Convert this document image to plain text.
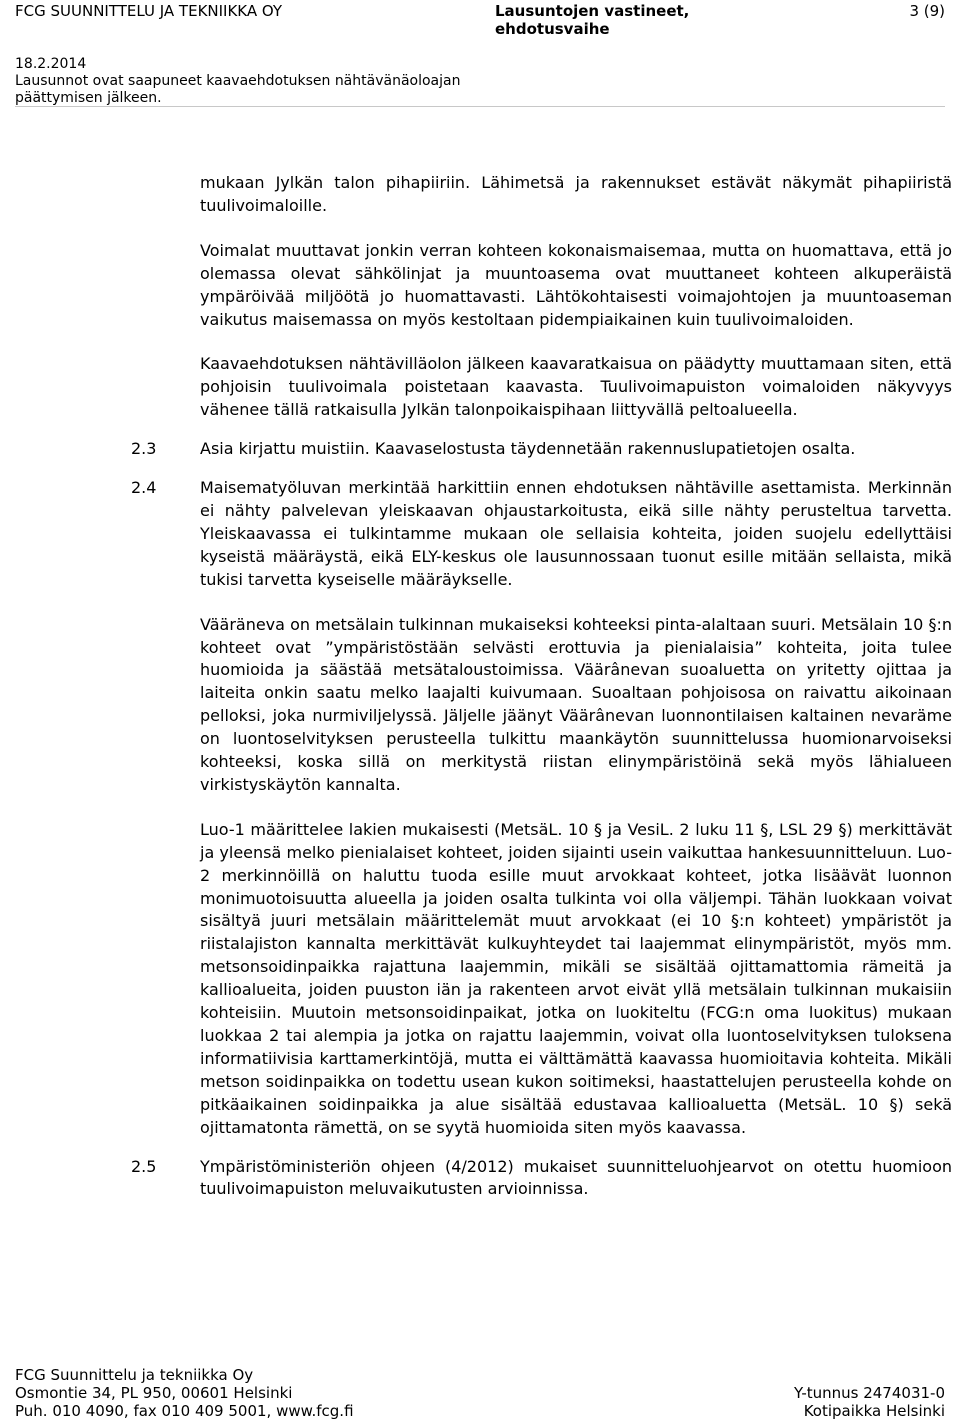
FCG SUUNNITTELU JA TEKNIIKKA OY	Lausuntojen vastineet, ehdotusvaihe
3 (9)
18.2.2014
Lausunnot ovat saapuneet kaavaehdotuksen nähtävänäoloajan päättymisen jälkeen.
mukaan Jylkän talon pihapiiriin. Lähimetsä ja rakennukset estävät näkymät pihapiiristä tuulivoimaloille.
Voimalat muuttavat jonkin verran kohteen kokonaismaisemaa, mutta on huomattava, että jo olemassa olevat sähkölinjat ja muuntoasema ovat muuttaneet kohteen alkuperäistä ympäröivää miljöötä jo huomattavasti. Lähtökohtaisesti voimajohtojen ja muuntoaseman vaikutus maisemassa on myös kestoltaan pidempiaikainen kuin tuulivoimaloiden.
Kaavaehdotuksen nähtävilläolon jälkeen kaavaratkaisua on päädytty muuttamaan siten, että pohjoisin tuulivoimala poistetaan kaavasta. Tuulivoimapuiston voimaloiden näkyvyys vähenee tällä ratkaisulla Jylkän talonpoikaispihaan liittyvällä peltoalueella.
2.3	Asia kirjattu muistiin. Kaavaselostusta täydennetään rakennuslupatietojen osalta.
2.4	Maisematyöluvan merkintää harkittiin ennen ehdotuksen nähtäville asettamista. Merkinnän ei nähty palvelevan yleiskaavan ohjaustarkoitusta, eikä sille nähty perusteltua tarvetta. Yleiskaavassa ei tulkintamme mukaan ole sellaisia kohteita, joiden suojelu edellyttäisi kyseistä määräystä, eikä ELY-keskus ole lausunnossaan tuonut esille mitään sellaista, mikä tukisi tarvetta kyseiselle määräykselle.
Vääräneva on metsälain tulkinnan mukaiseksi kohteeksi pinta-alaltaan suuri. Metsälain 10 §:n kohteet ovat ”ympäristöstään selvästi erottuvia ja pienialaisia” kohteita, joita tulee huomioida ja säästää metsätaloustoimissa. Väärânevan suoaluetta on yritetty ojittaa ja laiteita onkin saatu melko laajalti kuivumaan. Suoaltaan pohjoisosa on raivattu aikoinaan pelloksi, joka nurmiviljelyssä. Jäljelle jäänyt Väärânevan luonnontilaisen kaltainen nevaräme on luontoselvityksen perusteella tulkittu maankäytön suunnittelussa huomionarvoiseksi kohteeksi, koska sillä on merkitystä riistan elinympäristöinä sekä myös lähialueen virkistyskäytön kannalta.
Luo-1 määrittelee lakien mukaisesti (MetsäL. 10 § ja VesiL. 2 luku 11 §, LSL 29 §) merkittävät ja yleensä melko pienialaiset kohteet, joiden sijainti usein vaikuttaa hankesuunnitteluun. Luo-2 merkinnöillä on haluttu tuoda esille muut arvokkaat kohteet, jotka lisäävät luonnon monimuotoisuutta alueella ja joiden osalta tulkinta voi olla väljempi. Tähän luokkaan voivat sisältyä juuri metsälain määrittelemät muut arvokkaat (ei 10 §:n kohteet) ympäristöt ja riistalajiston kannalta merkittävät kulkuyhteydet tai laajemmat elinympäristöt, myös mm. metsonsoidinpaikka rajattuna laajemmin, mikäli se sisältää ojittamattomia rämeitä ja kallioalueita, joiden puuston iän ja rakenteen arvot eivät yllä metsälain tulkinnan mukaisiin kohteisiin. Muutoin metsonsoidinpaikat, jotka on luokiteltu (FCG:n oma luokitus) mukaan luokkaa 2 tai alempia ja jotka on rajattu laajemmin, voivat olla luontoselvityksen tuloksena informatiivisia karttamerkintöjä, mutta ei välttämättä kaavassa huomioitavia kohteita. Mikäli metson soidinpaikka on todettu usean kukon soitimeksi, haastattelujen perusteella kohde on pitkäaikainen soidinpaikka ja alue sisältää edustavaa kallioaluetta (MetsäL. 10 §) sekä ojittamatonta rämettä, on se syytä huomioida siten myös kaavassa.
2.5	Ympäristöministeriön ohjeen (4/2012) mukaiset suunnitteluohjearvot on otettu huomioon tuulivoimapuiston meluvaikutusten arvioinnissa.
FCG Suunnittelu ja tekniikka Oy
Osmontie 34, PL 950, 00601 Helsinki	Y-tunnus 2474031-0
Puh. 010 4090, fax 010 409 5001, www.fcg.fi	Kotipaikka Helsinki
